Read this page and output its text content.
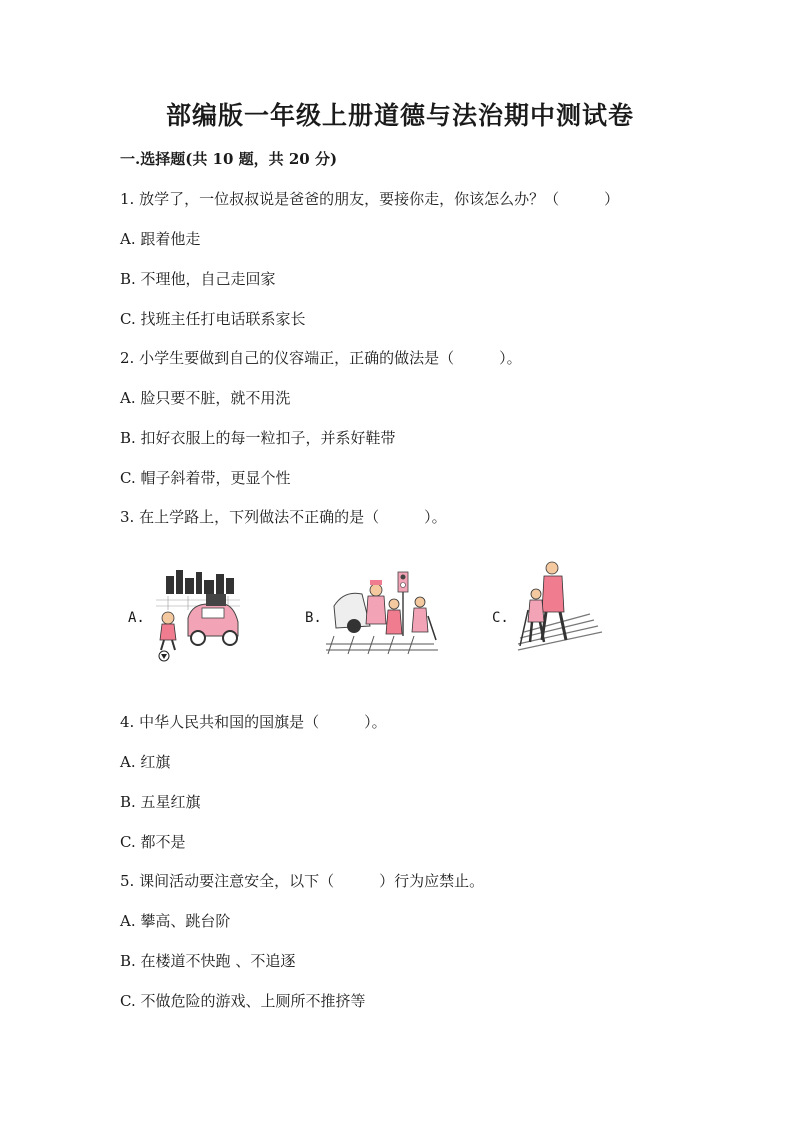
部编版一年级上册道德与法治期中测试卷
一.选择题(共 10 题，共 20 分)
1. 放学了，一位叔叔说是爸爸的朋友，要接你走，你该怎么办？（　　　）
A. 跟着他走
B. 不理他，自己走回家
C. 找班主任打电话联系家长
2. 小学生要做到自己的仪容端正，正确的做法是（　　　）。
A. 脸只要不脏，就不用洗
B. 扣好衣服上的每一粒扣子，并系好鞋带
C. 帽子斜着带，更显个性
3. 在上学路上，下列做法不正确的是（　　　）。
A.	B.	C.
4. 中华人民共和国的国旗是（　　　）。
A. 红旗
B. 五星红旗
C. 都不是
5. 课间活动要注意安全，以下（　　　）行为应禁止。
A. 攀高、跳台阶
B. 在楼道不快跑 、不追逐
C. 不做危险的游戏、上厕所不推挤等
